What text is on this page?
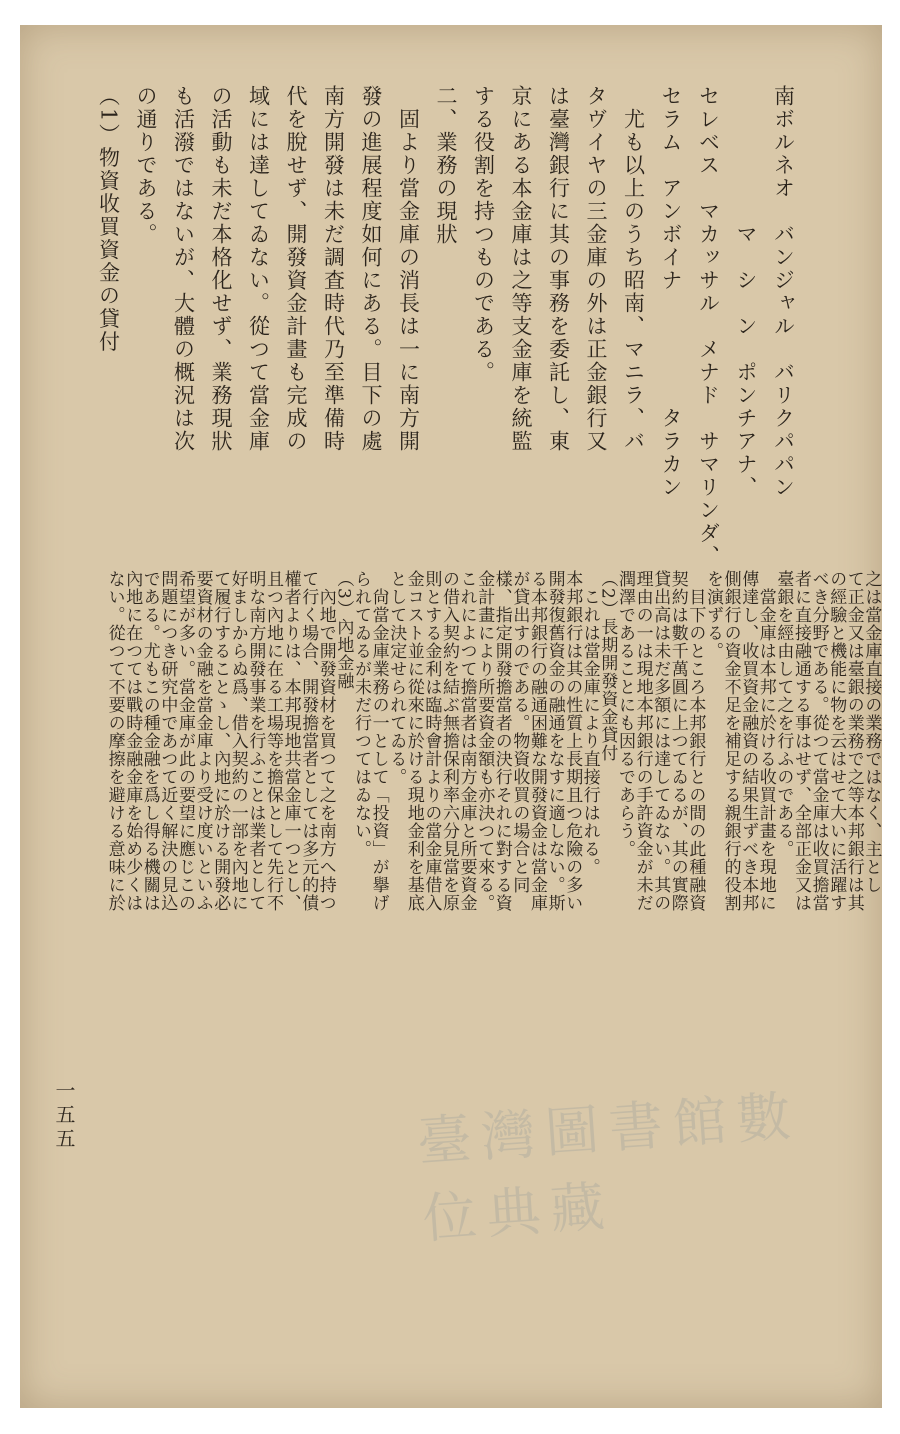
南ボルネオ　バンジャル　バリクパパン
　　　　　　マ　シ　ン　ポンチアナ、
セレベス　マカッサル　メナド　サマリンダ、
セラム　アンボイナ　　　　　タラカン
　尤も以上のうち昭南、マニラ、バ
タヴイヤの三金庫の外は正金銀行又
は臺灣銀行に其の事務を委託し、東
京にある本金庫は之等支金庫を統監
する役割を持つものである。
二、業務の現狀
　固より當金庫の消長は一に南方開
發の進展程度如何にある。目下の處
南方開發は未だ調査時代乃至準備時
代を脫せず、開發資金計畫も完成の
域には達してゐない。從つて當金庫
の活動も未だ本格化せず、業務現狀
も活潑ではないが、大體の概況は次
の通りである。
（1）物資收買資金の貸付
之は當金庫直接の業務ではなく、主とし
て正金又は臺銀の業務で之等本邦銀行は其
の經驗と機能に物を云はせて大いに活躍す
べき分野である。從つて當金庫は收買擔當
者に直接融通する事はせず、全部正金又は
臺銀を經由して之を行ふのである。
　當金庫は本邦に於ける收買計畫を現地に
傳達し、收買資金融資の結果生ずべき本邦
側銀行の資金不足を補足する親銀行的役割
を演ずる。
　目下のところ本邦銀行との間の此種融資
契約は數千萬圓に上つてゐるが、其の實際
貸出高は未だ多額には達してゐない。其の
理由の一は現地本邦銀行の手許資金が未だ
潤澤であることにも因るであらう。
（2）長期開發資金貸付
　これは當金庫により直接行はれる。
本邦銀行は其の性質上長期且つ危險の多い
開發復舊資金の融通をなすに適しない。斯
る本邦銀行の融通困難な開發資金は當金庫
が貸出すのである。物資收買の場合と同
樣、指定開發擔當者の決行それに對する資
金計畫により所要資金額も亦決つて來る。
これによつて擔當者は南方金庫と所要資金
の借入契約を結ぶ無擔保利率六分見當を原
則とする金利は臨時會計よりの當金庫借入
金コスト並に從來に於ける現地金利を基底
として決定せられてゐる。
　尙當金庫業務の一として「投資」が擧げ
られてゐるが未だ行つてはゐない。
（3）內地金融
　內地で開發資材を買つて之を南方へ持つ
て行く場合、開發擔當者としては多元的債
權者よりは、本邦現地共當金庫一つとし、
且つ內地に在る工場等を擔保として先行不
明な南方開發事業を行ふことは業者として
好ましからぬ爲、借入契約の一部を內地に
て履行することゝし、內地に於ける開發必
要資材の金融を當金庫より受け度いといふ
希望が多い。當金庫が此の要望に應じこの
問題につき研究中であつて近く解決の見込
である。尤もこの種金融を爲し得る機關は
內地に在つては戰時金融金庫を始め少くは
ない。從つて不要の摩擦を避ける意味に於
一五五	臺灣圖書館數位典藏
